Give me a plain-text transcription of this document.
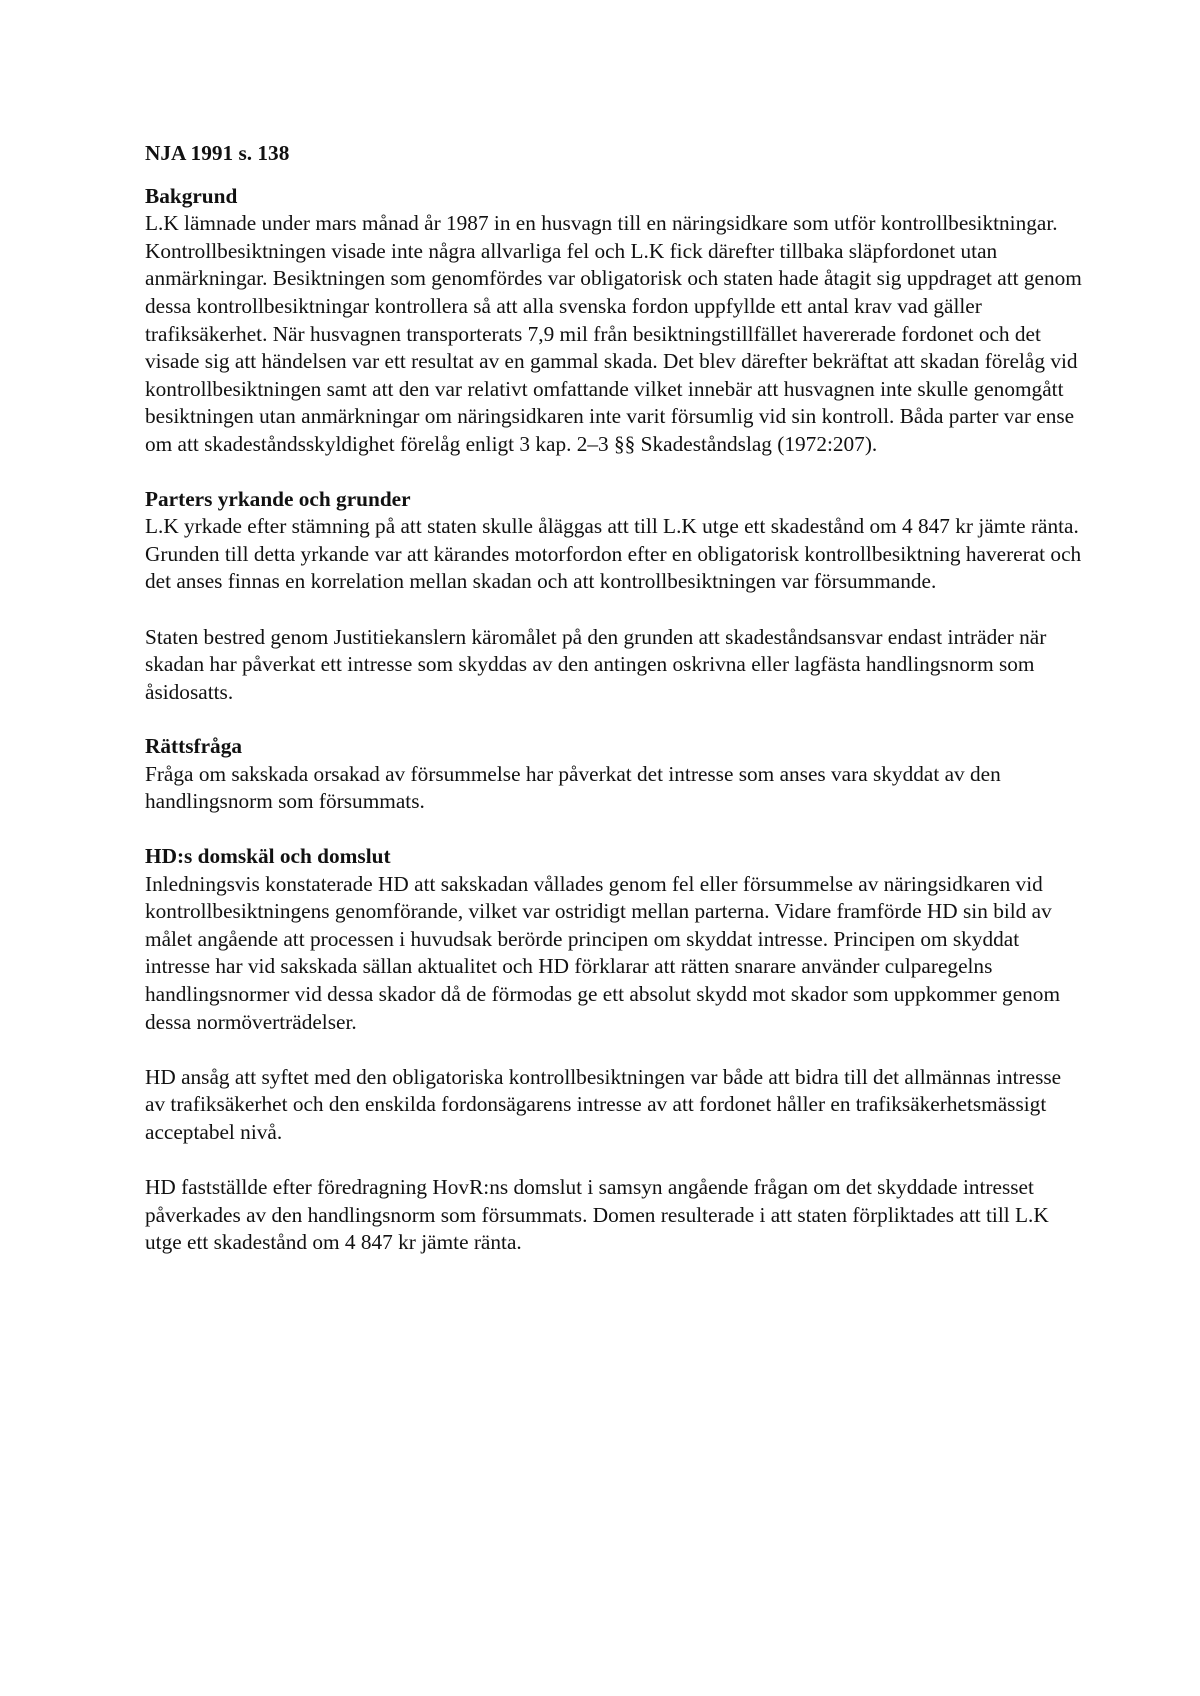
NJA 1991 s. 138
Bakgrund

L.K lämnade under mars månad år 1987 in en husvagn till en näringsidkare som utför kontrollbesiktningar. Kontrollbesiktningen visade inte några allvarliga fel och L.K fick därefter tillbaka släpfordonet utan anmärkningar. Besiktningen som genomfördes var obligatorisk och staten hade åtagit sig uppdraget att genom dessa kontrollbesiktningar kontrollera så att alla svenska fordon uppfyllde ett antal krav vad gäller trafiksäkerhet. När husvagnen transporterats 7,9 mil från besiktningstillfället havererade fordonet och det visade sig att händelsen var ett resultat av en gammal skada. Det blev därefter bekräftat att skadan förelåg vid kontrollbesiktningen samt att den var relativt omfattande vilket innebär att husvagnen inte skulle genomgått besiktningen utan anmärkningar om näringsidkaren inte varit försumlig vid sin kontroll. Båda parter var ense om att skadeståndsskyldighet förelåg enligt 3 kap. 2–3 §§ Skadeståndslag (1972:207).

Parters yrkande och grunder

L.K yrkade efter stämning på att staten skulle åläggas att till L.K utge ett skadestånd om 4 847 kr jämte ränta. Grunden till detta yrkande var att kärandes motorfordon efter en obligatorisk kontrollbesiktning havererat och det anses finnas en korrelation mellan skadan och att kontrollbesiktningen var försummande.

Staten bestred genom Justitiekanslern käromålet på den grunden att skadeståndsansvar endast inträder när skadan har påverkat ett intresse som skyddas av den antingen oskrivna eller lagfästa handlingsnorm som åsidosatts.

Rättsfråga

Fråga om sakskada orsakad av försummelse har påverkat det intresse som anses vara skyddat av den handlingsnorm som försummats.

HD:s domskäl och domslut

Inledningsvis konstaterade HD att sakskadan vållades genom fel eller försummelse av näringsidkaren vid kontrollbesiktningens genomförande, vilket var ostridigt mellan parterna. Vidare framförde HD sin bild av målet angående att processen i huvudsak berörde principen om skyddat intresse. Principen om skyddat intresse har vid sakskada sällan aktualitet och HD förklarar att rätten snarare använder culparegelns handlingsnormer vid dessa skador då de förmodas ge ett absolut skydd mot skador som uppkommer genom dessa normöverträdelser.

HD ansåg att syftet med den obligatoriska kontrollbesiktningen var både att bidra till det allmännas intresse av trafiksäkerhet och den enskilda fordonsägarens intresse av att fordonet håller en trafiksäkerhetsmässigt acceptabel nivå.

HD fastställde efter föredragning HovR:ns domslut i samsyn angående frågan om det skyddade intresset påverkades av den handlingsnorm som försummats. Domen resulterade i att staten förpliktades att till L.K utge ett skadestånd om 4 847 kr jämte ränta.
